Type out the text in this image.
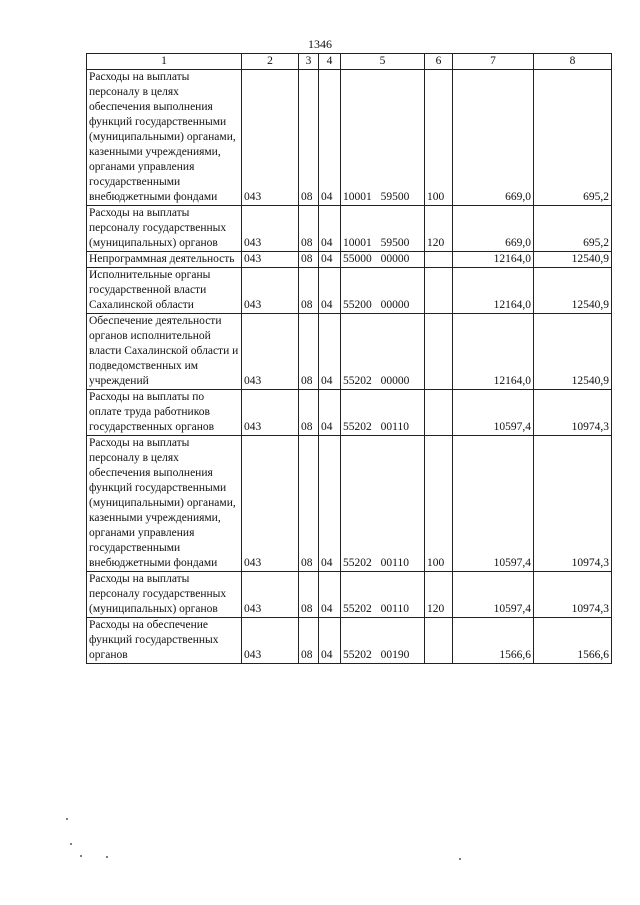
1346
1	2	3	4	5	6	7	8
Расходы на выплаты персоналу в целях обеспечения выполнения функций государственными (муниципальными) органами, казенными учреждениями, органами управления государственными внебюджетными фондами	043	08	04	10001 59500	100	669,0	695,2
Расходы на выплаты персоналу государственных (муниципальных) органов	043	08	04	10001 59500	120	669,0	695,2
Непрограммная деятельность	043	08	04	55000 00000		12164,0	12540,9
Исполнительные органы государственной власти Сахалинской области	043	08	04	55200 00000		12164,0	12540,9
Обеспечение деятельности органов исполнительной власти Сахалинской области и подведомственных им учреждений	043	08	04	55202 00000		12164,0	12540,9
Расходы на выплаты по оплате труда работников государственных органов	043	08	04	55202 00110		10597,4	10974,3
Расходы на выплаты персоналу в целях обеспечения выполнения функций государственными (муниципальными) органами, казенными учреждениями, органами управления государственными внебюджетными фондами	043	08	04	55202 00110	100	10597,4	10974,3
Расходы на выплаты персоналу государственных (муниципальных) органов	043	08	04	55202 00110	120	10597,4	10974,3
Расходы на обеспечение функций государственных органов	043	08	04	55202 00190		1566,6	1566,6
